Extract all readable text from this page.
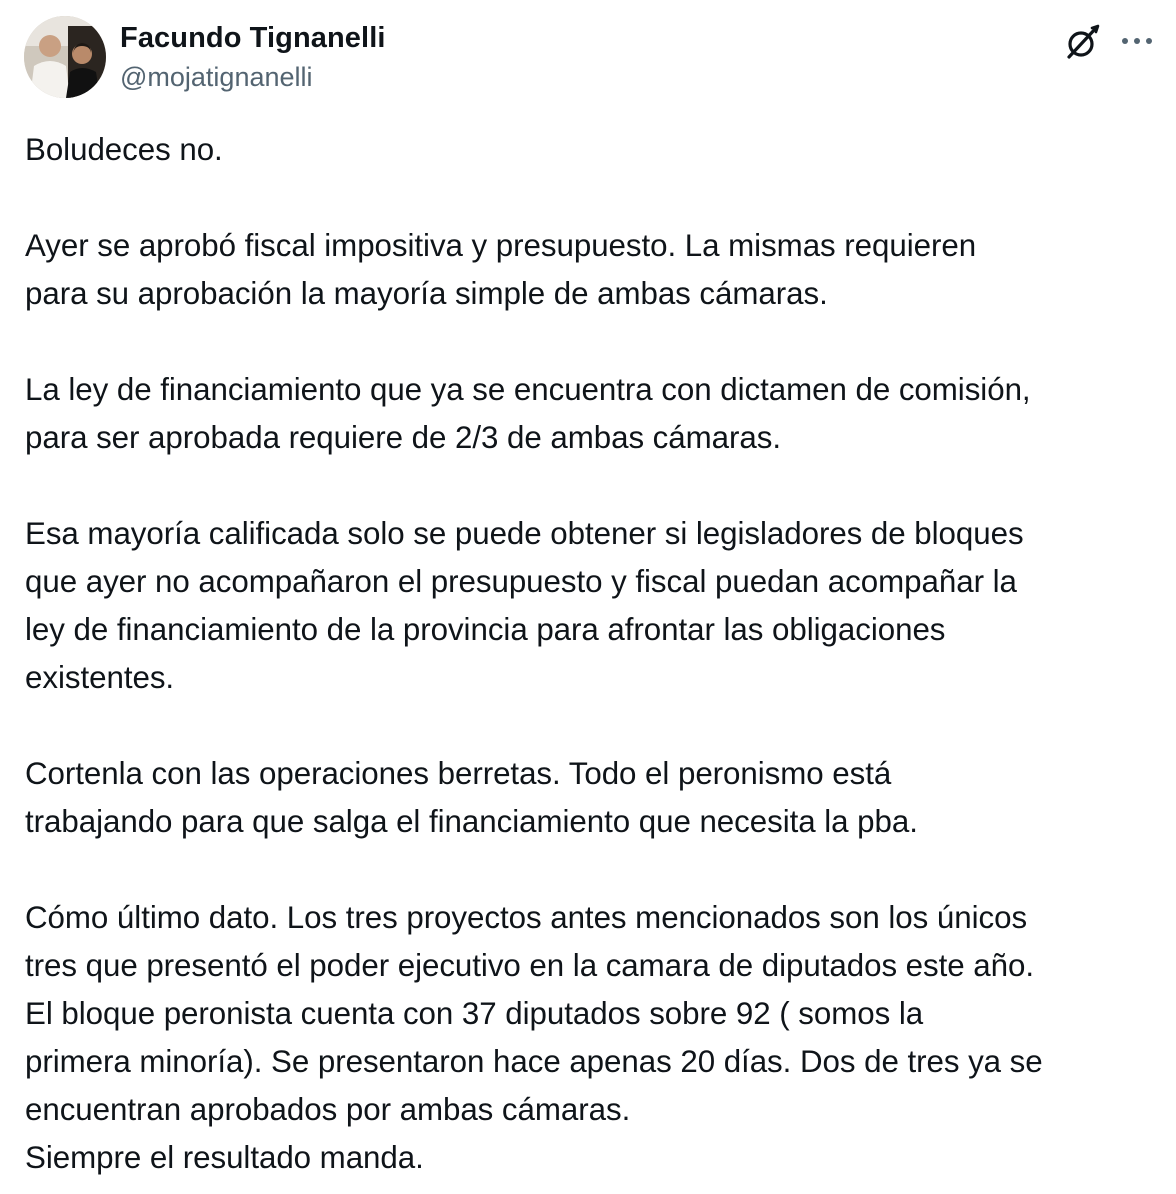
Facundo Tignanelli
@mojatignanelli

Boludeces no.

Ayer se aprobó fiscal impositiva y presupuesto. La mismas requieren
para su aprobación la mayoría simple de ambas cámaras.

La ley de financiamiento que ya se encuentra con dictamen de comisión,
para ser aprobada requiere de 2/3 de ambas cámaras.

Esa mayoría calificada solo se puede obtener si legisladores de bloques
que ayer no acompañaron el presupuesto y fiscal puedan acompañar la
ley de financiamiento de la provincia para afrontar las obligaciones
existentes.

Cortenla con las operaciones berretas. Todo el peronismo está
trabajando para que salga el financiamiento que necesita la pba.

Cómo último dato. Los tres proyectos antes mencionados son los únicos
tres que presentó el poder ejecutivo en la camara de diputados este año.
El bloque peronista cuenta con 37 diputados sobre 92 ( somos la
primera minoría). Se presentaron hace apenas 20 días. Dos de tres ya se
encuentran aprobados por ambas cámaras.
Siempre el resultado manda.
